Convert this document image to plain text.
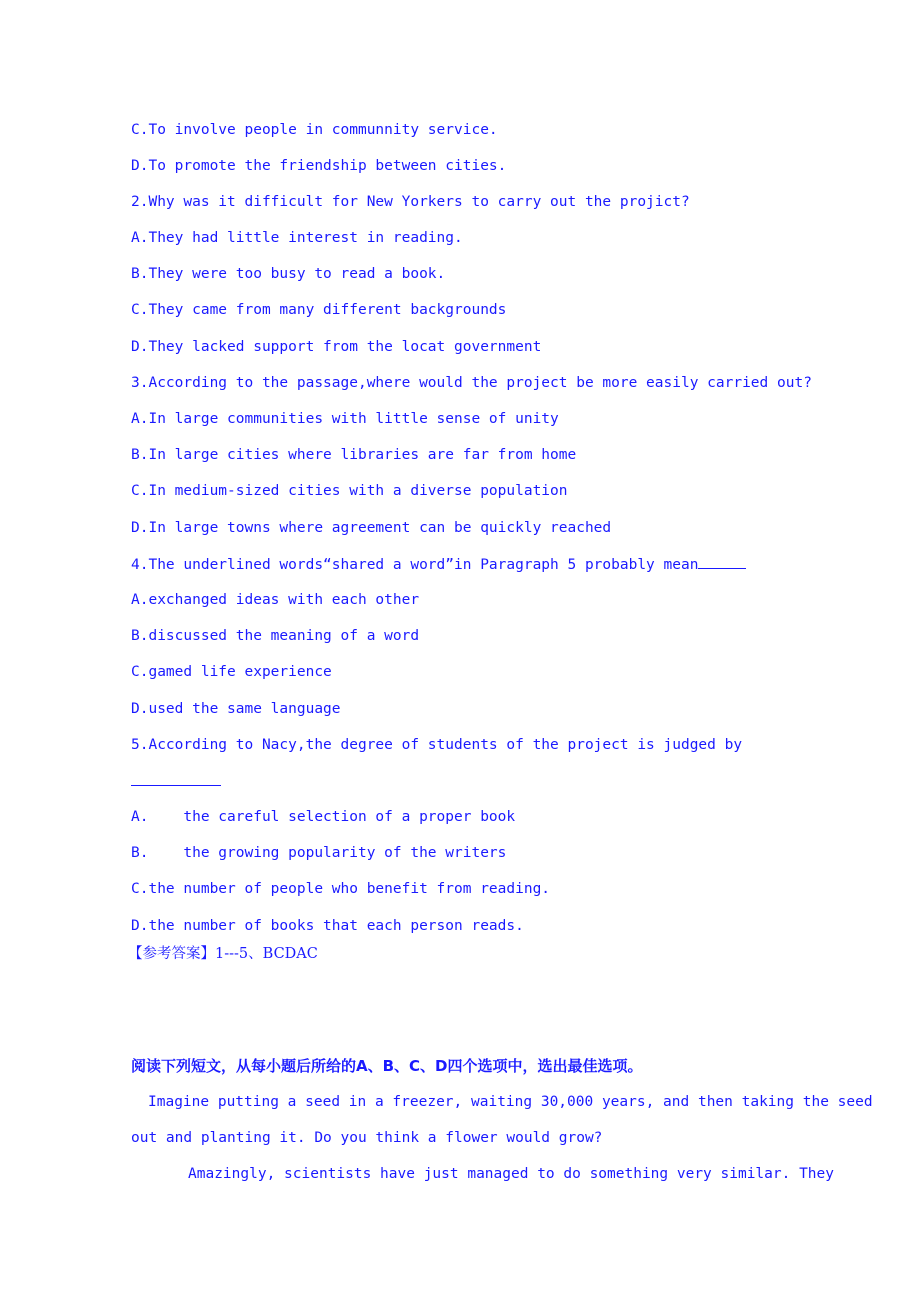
C.To involve people in communnity service.
D.To promote the friendship between cities.
2.Why was it difficult for New Yorkers to carry out the projict?
A.They had little interest in reading.
B.They were too busy to read a book.
C.They came from many different backgrounds
D.They lacked support from the locat government
3.According to the passage,where would the project be more easily carried out?
A.In large communities with little sense of unity
B.In large cities where libraries are far from home
C.In medium-sized cities with a diverse population
D.In large towns where agreement can be quickly reached
4.The underlined words“shared a word”in Paragraph 5 probably mean
A.exchanged ideas with each other
B.discussed the meaning of a word
C.gamed life experience
D.used the same language
5.According to Nacy,the degree of students of the project is judged by
A.    the careful selection of a proper book
B.    the growing popularity of the writers
C.the number of people who benefit from reading.
D.the number of books that each person reads.
【参考答案】1---5、BCDAC
阅读下列短文，从每小题后所给的A、B、C、D四个选项中，选出最佳选项。
Imagine putting a seed in a freezer, waiting 30,000 years, and then taking the seed
out and planting it. Do you think a flower would grow?
Amazingly, scientists have just managed to do something very similar. They
